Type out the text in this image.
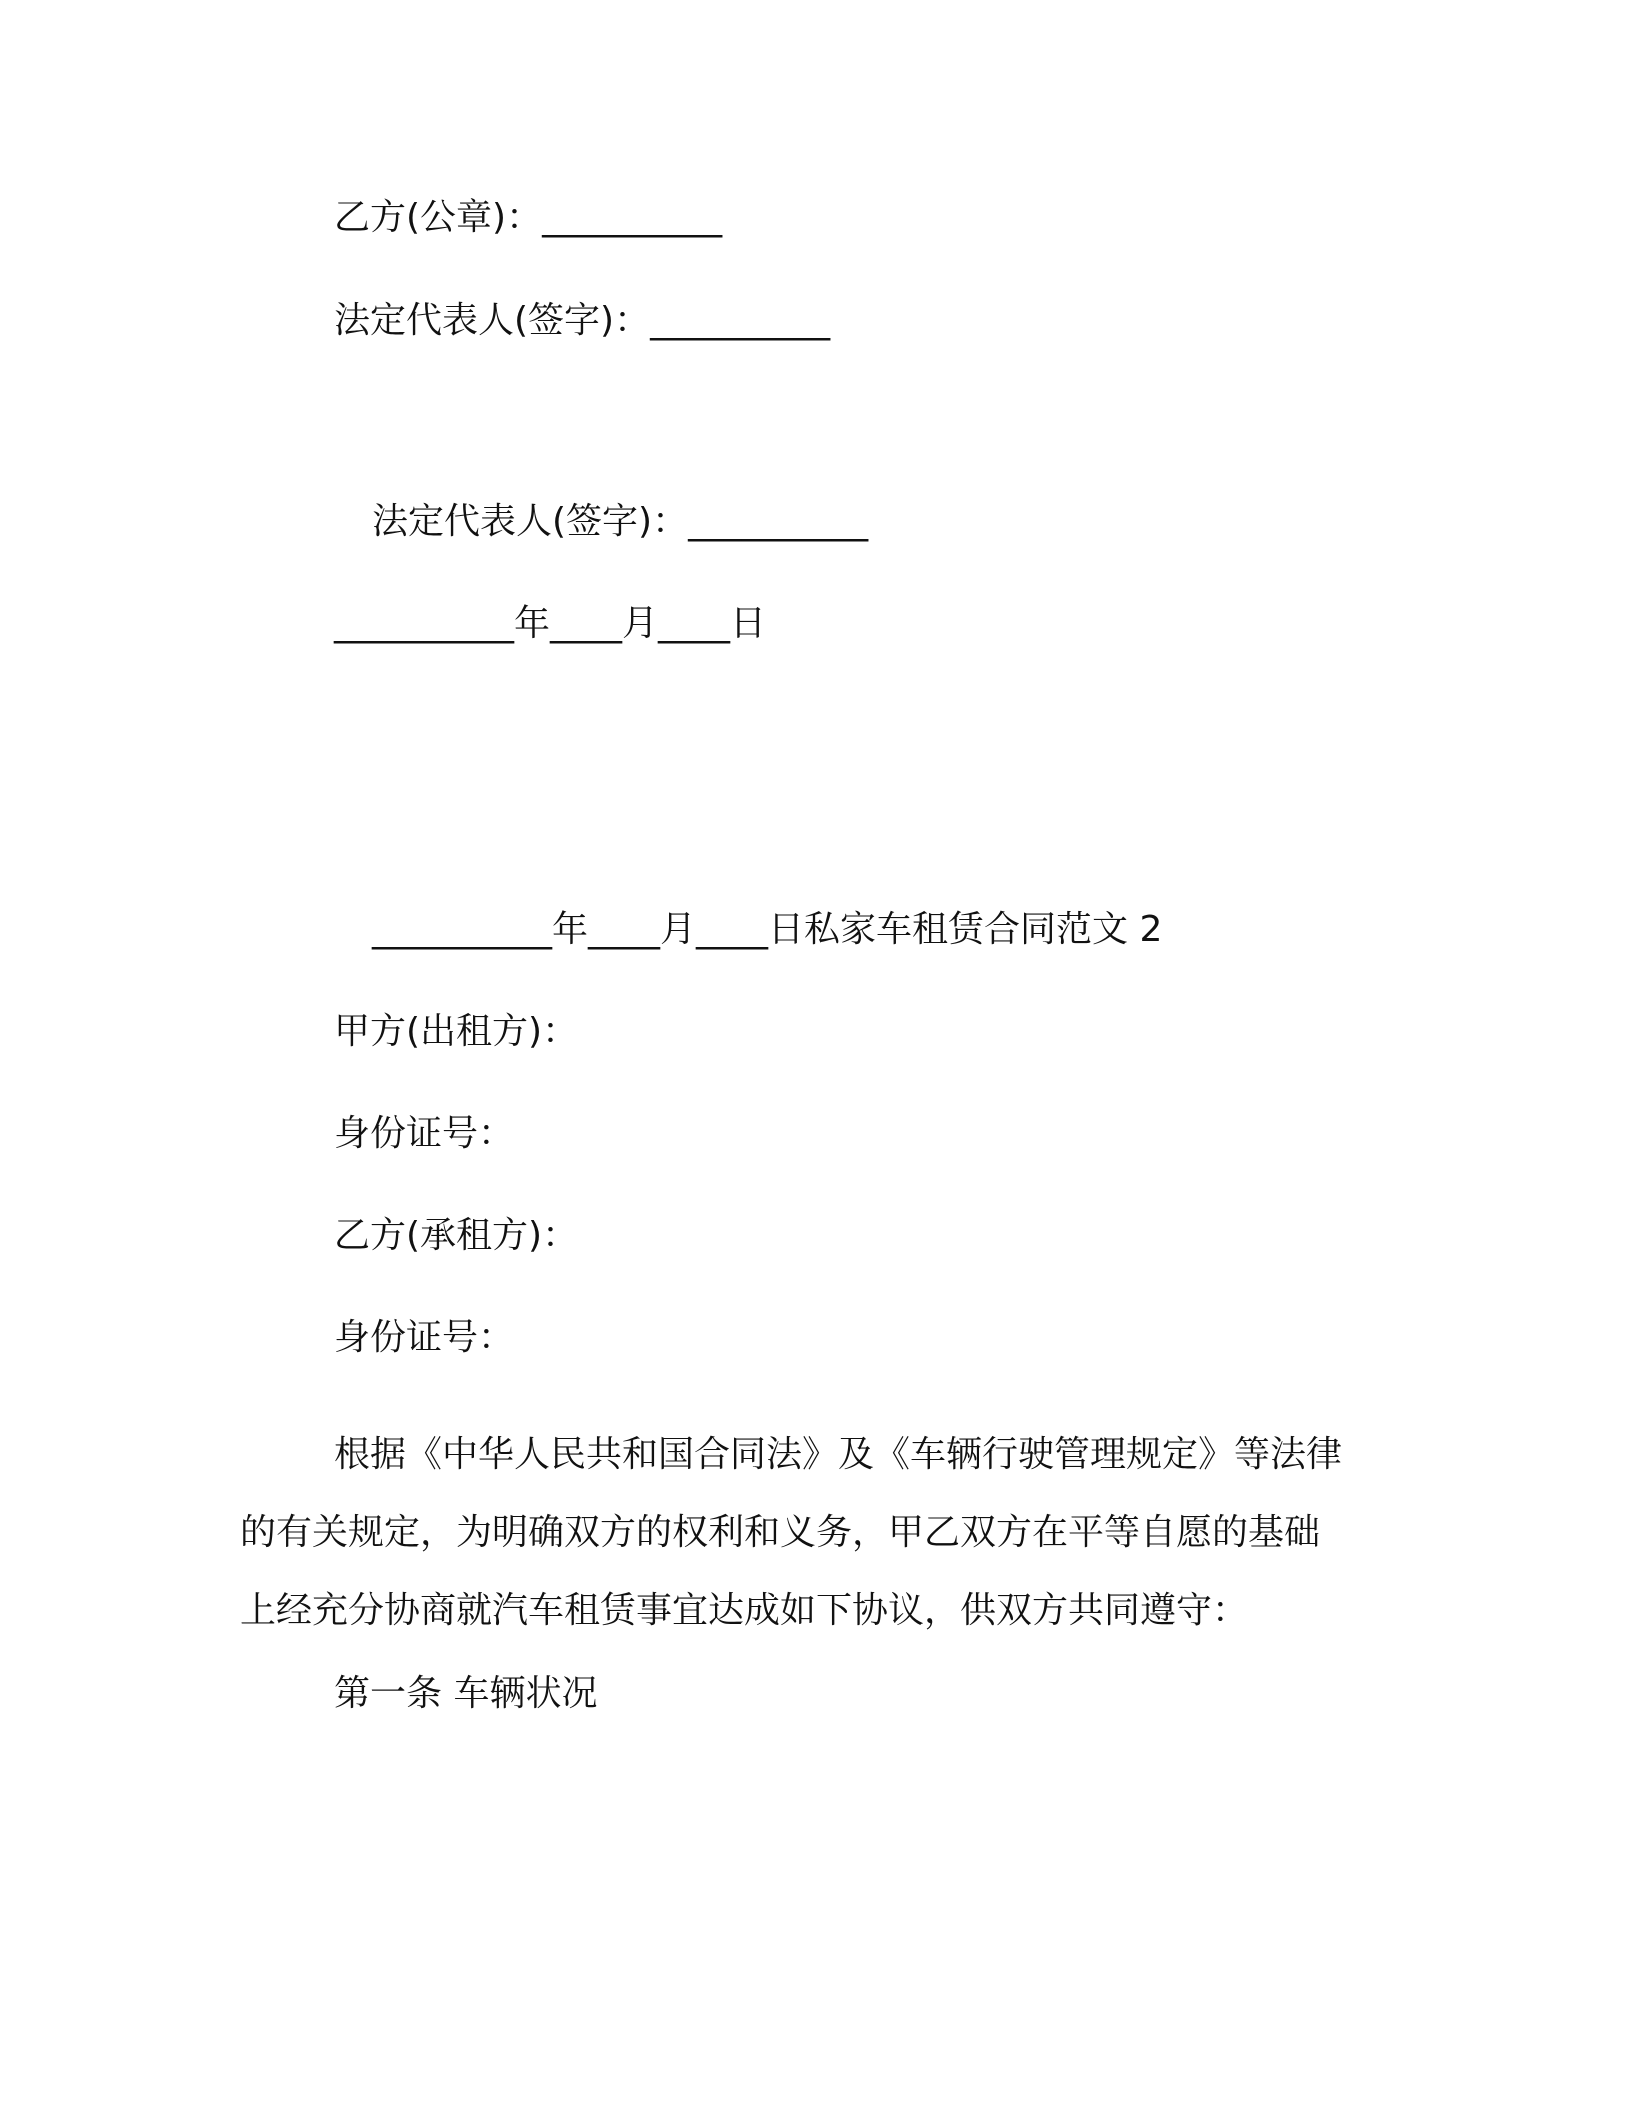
乙方(公章)：__________
法定代表人(签字)：__________
法定代表人(签字)：__________
__________年____月____日
__________年____月____日私家车租赁合同范文 2
甲方(出租方)：
身份证号：
乙方(承租方)：
身份证号：
根据《中华人民共和国合同法》及《车辆行驶管理规定》等法律
的有关规定，为明确双方的权利和义务，甲乙双方在平等自愿的基础
上经充分协商就汽车租赁事宜达成如下协议，供双方共同遵守：
第一条 车辆状况
